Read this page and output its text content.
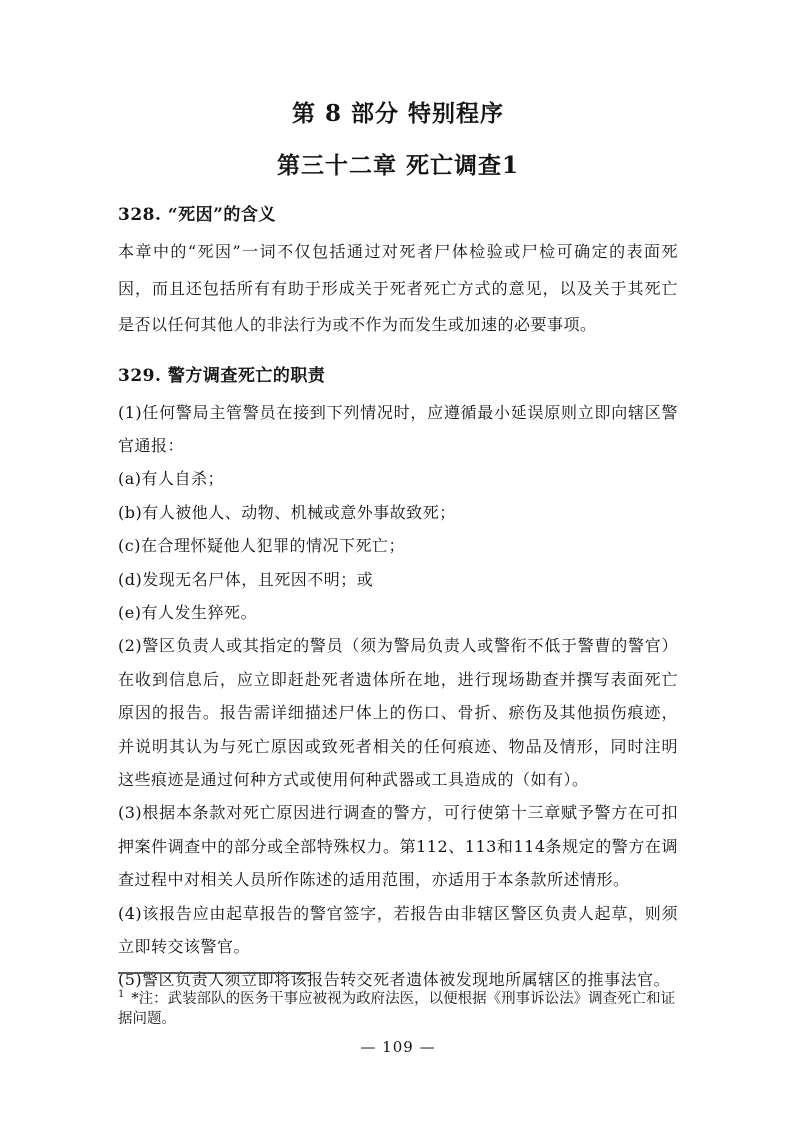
第 8 部分 特别程序
第三十二章 死亡调查1
328. “死因”的含义

本章中的“死因”一词不仅包括通过对死者尸体检验或尸检可确定的表面死因，而且还包括所有有助于形成关于死者死亡方式的意见，以及关于其死亡是否以任何其他人的非法行为或不作为而发生或加速的必要事项。

329. 警方调查死亡的职责

(1)任何警局主管警员在接到下列情况时，应遵循最小延误原则立即向辖区警官通报：

(a)有人自杀；

(b)有人被他人、动物、机械或意外事故致死；

(c)在合理怀疑他人犯罪的情况下死亡；

(d)发现无名尸体，且死因不明；或

(e)有人发生猝死。

(2)警区负责人或其指定的警员（须为警局负责人或警衔不低于警曹的警官）在收到信息后，应立即赶赴死者遗体所在地，进行现场勘查并撰写表面死亡原因的报告。报告需详细描述尸体上的伤口、骨折、瘀伤及其他损伤痕迹，并说明其认为与死亡原因或致死者相关的任何痕迹、物品及情形，同时注明这些痕迹是通过何种方式或使用何种武器或工具造成的（如有）。

(3)根据本条款对死亡原因进行调查的警方，可行使第十三章赋予警方在可扣押案件调查中的部分或全部特殊权力。第112、113和114条规定的警方在调查过程中对相关人员所作陈述的适用范围，亦适用于本条款所述情形。

(4)该报告应由起草报告的警官签字，若报告由非辖区警区负责人起草，则须立即转交该警官。

(5)警区负责人须立即将该报告转交死者遗体被发现地所属辖区的推事法官。

$^1$ *注：武装部队的医务干事应被视为政府法医，以便根据《刑事诉讼法》调查死亡和证据问题。

— 109 —
